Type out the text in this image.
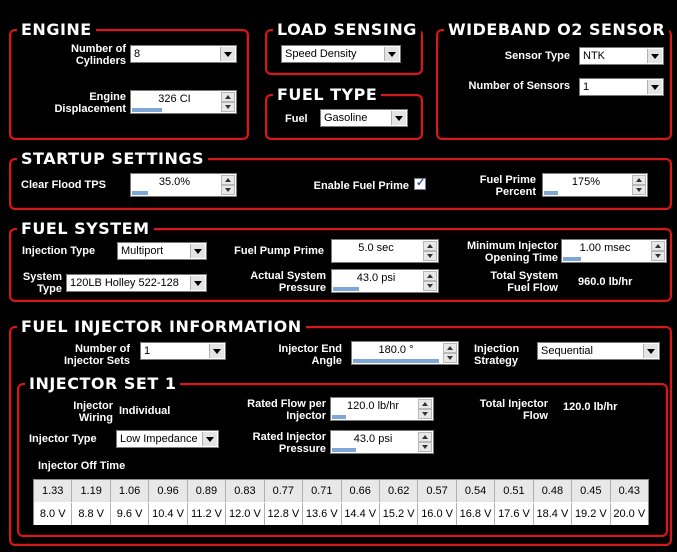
ENGINE
Number of Cylinders
8
Engine Displacement
326 CI
LOAD SENSING
Speed Density
FUEL TYPE
Fuel	Gasoline
WIDEBAND O2 SENSOR
Sensor Type NTK
Number of Sensors 1
STARTUP SETTINGS
Clear Flood TPS	35.0%	Enable Fuel Prime
✓	Fuel Prime Percent
175%
FUEL SYSTEM
Injection Type	Multiport
System Type 120LB Holley 522-128
Fuel Pump Prime	5.0 sec
Actual System Pressure
43.0 psi
Minimum Injector Opening Time
1.00 msec
Total System Fuel Flow 960.0 lb/hr
FUEL INJECTOR INFORMATION
Number of Injector Sets
1	Injector End Angle
180.0 °	Injection Strategy
Sequential
INJECTOR SET 1
Injector Wiring
Individual
Injector Type	Low Impedance
Rated Flow per Injector
120.0 lb/hr
Rated Injector Pressure
43.0 psi
Total Injector Flow
120.0 lb/hr
Injector Off Time
1.33	1.19	1.06	0.96	0.89	0.83	0.77	0.71	0.66	0.62	0.57	0.54	0.51	0.48	0.45	0.43
8.0 V	8.8 V	9.6 V 10.4 V 11.2 V 12.0 V 12.8 V 13.6 V 14.4 V 15.2 V 16.0 V 16.8 V 17.6 V 18.4 V 19.2 V 20.0 V
